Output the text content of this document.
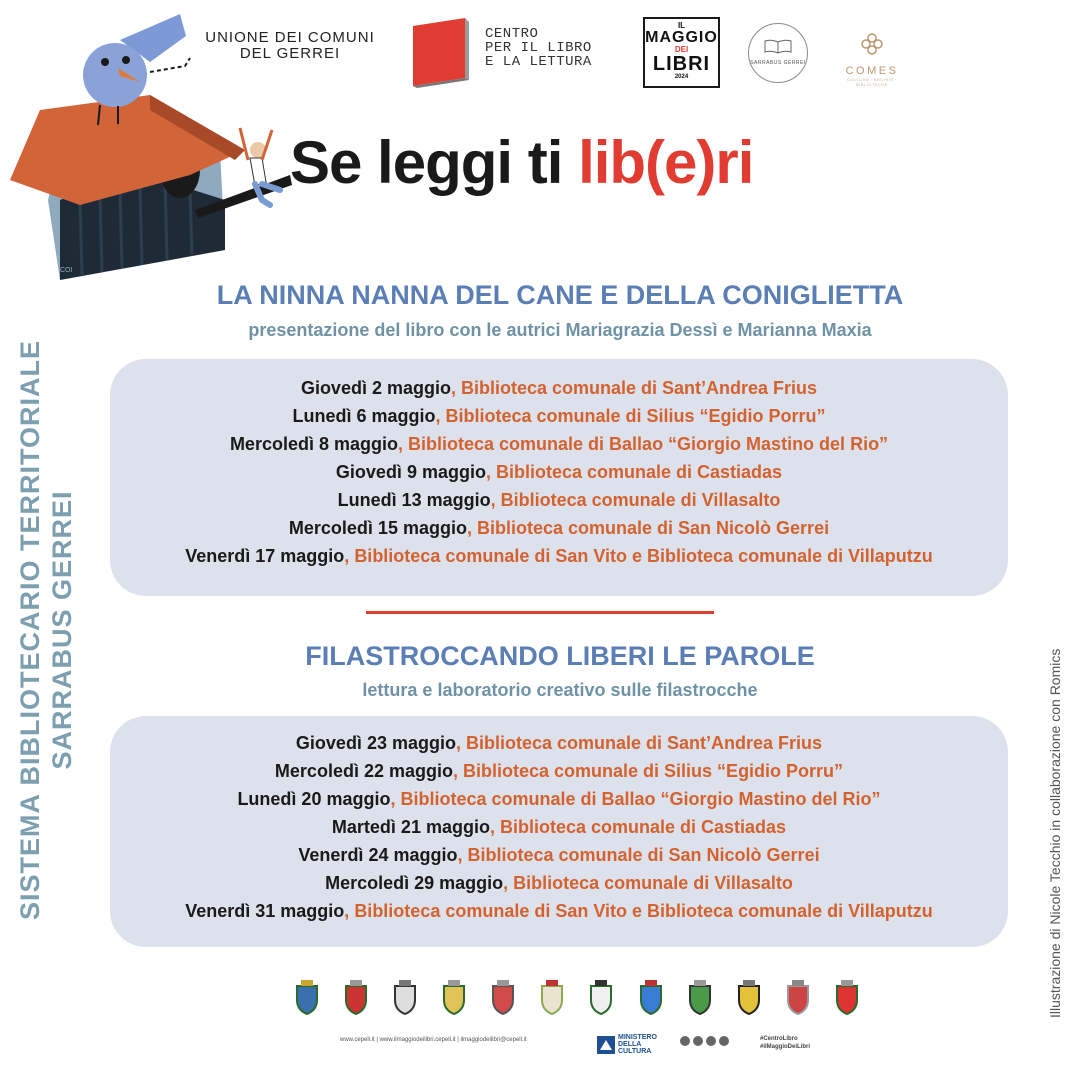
COI
UNIONE DEI COMUNI
DEL GERREI
CENTRO
PER IL LIBRO
E LA LETTURA
IL
MAGGIO
DEI
LIBRI
2024
SARRABUS GERREI
COMES
CULTURA · ARCHIVI · BIBLIOTECHE
Se leggi ti lib(e)ri
SISTEMA BIBLIOTECARIO TERRITORIALE SARRABUS GERREI
Illustrazione di Nicole Tecchio in collaborazione con Romics
LA NINNA NANNA DEL CANE E DELLA CONIGLIETTA
presentazione del libro con le autrici Mariagrazia Dessì e Marianna Maxia
Giovedì 2 maggio, Biblioteca comunale di Sant’Andrea Frius
Lunedì 6 maggio, Biblioteca comunale di Silius “Egidio Porru”
Mercoledì 8 maggio, Biblioteca comunale di Ballao “Giorgio Mastino del Rio”
Giovedì 9 maggio, Biblioteca comunale di Castiadas
Lunedì 13 maggio, Biblioteca comunale di Villasalto
Mercoledì 15 maggio, Biblioteca comunale di San Nicolò Gerrei
Venerdì 17 maggio, Biblioteca comunale di San Vito e Biblioteca comunale di Villaputzu
FILASTROCCANDO LIBERI LE PAROLE
lettura e laboratorio creativo sulle filastrocche
Giovedì 23 maggio, Biblioteca comunale di Sant’Andrea Frius
Mercoledì 22 maggio, Biblioteca comunale di Silius “Egidio Porru”
Lunedì 20 maggio, Biblioteca comunale di Ballao “Giorgio Mastino del Rio”
Martedì 21 maggio, Biblioteca comunale di Castiadas
Venerdì 24 maggio, Biblioteca comunale di San Nicolò Gerrei
Mercoledì 29 maggio, Biblioteca comunale di Villasalto
Venerdì 31 maggio, Biblioteca comunale di San Vito e Biblioteca comunale di Villaputzu
www.cepell.it | www.ilmaggiodeilibri.cepell.it | ilmaggiodeilibri@cepell.it	MINISTERO
DELLA
CULTURA
#CentroLibro
#ilMaggioDeiLibri
